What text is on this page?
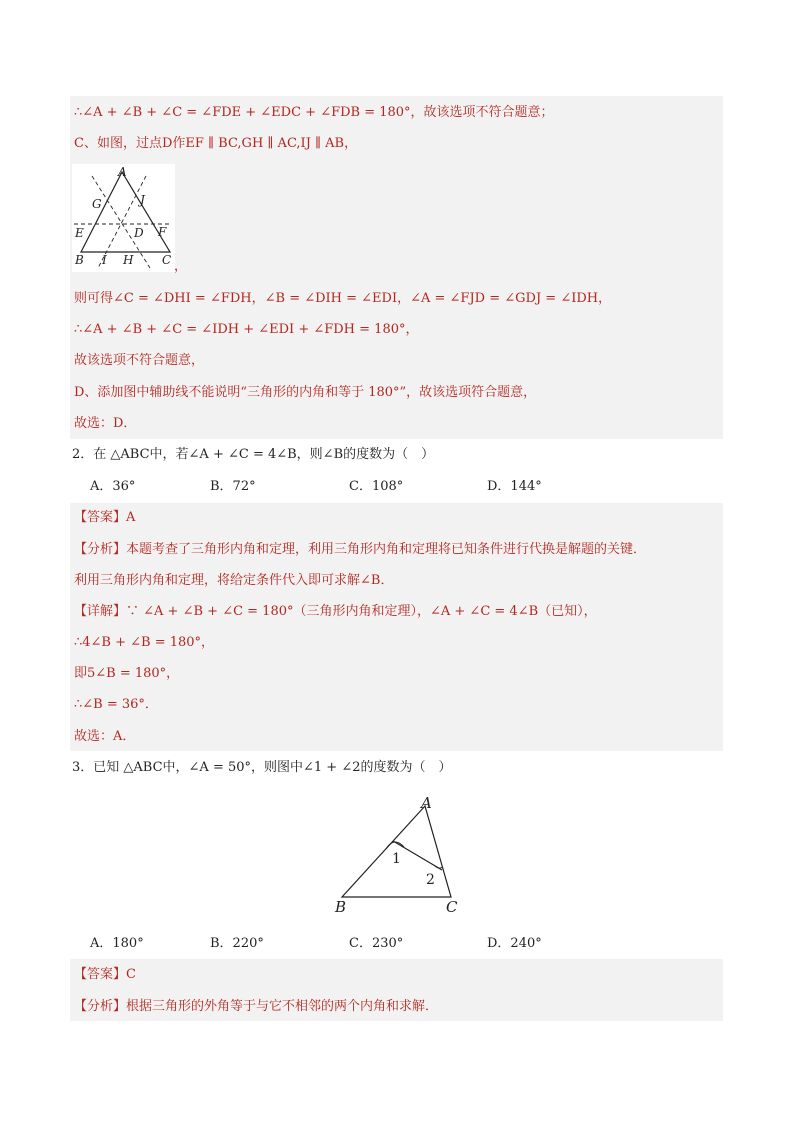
∴∠A + ∠B + ∠C = ∠FDE + ∠EDC + ∠FDB = 180°，故该选项不符合题意；
C、如图，过点D作EF ∥ BC,GH ∥ AC,IJ ∥ AB，
A
G	J
E	D F
B I H C ，
则可得∠C = ∠DHI = ∠FDH，∠B = ∠DIH = ∠EDI，∠A = ∠FJD = ∠GDJ = ∠IDH，
∴∠A + ∠B + ∠C = ∠IDH + ∠EDI + ∠FDH = 180°，
故该选项不符合题意，
D、添加图中辅助线不能说明“三角形的内角和等于 180°”，故该选项符合题意，
故选：D．
2．在 △ABC中，若∠A + ∠C = 4∠B，则∠B的度数为（　）
A．36°	B．72°	C．108°	D．144°
【答案】A
【分析】本题考查了三角形内角和定理，利用三角形内角和定理将已知条件进行代换是解题的关键．
利用三角形内角和定理，将给定条件代入即可求解∠B．
【详解】∵ ∠A + ∠B + ∠C = 180°（三角形内角和定理），∠A + ∠C = 4∠B（已知），
∴4∠B + ∠B = 180°，
即5∠B = 180°，
∴∠B = 36°．
故选：A．
3．已知 △ABC中，∠A = 50°，则图中∠1 + ∠2的度数为（　）
A
B	C
1
2
A．180°	B．220°	C．230°	D．240°
【答案】C
【分析】根据三角形的外角等于与它不相邻的两个内角和求解．
